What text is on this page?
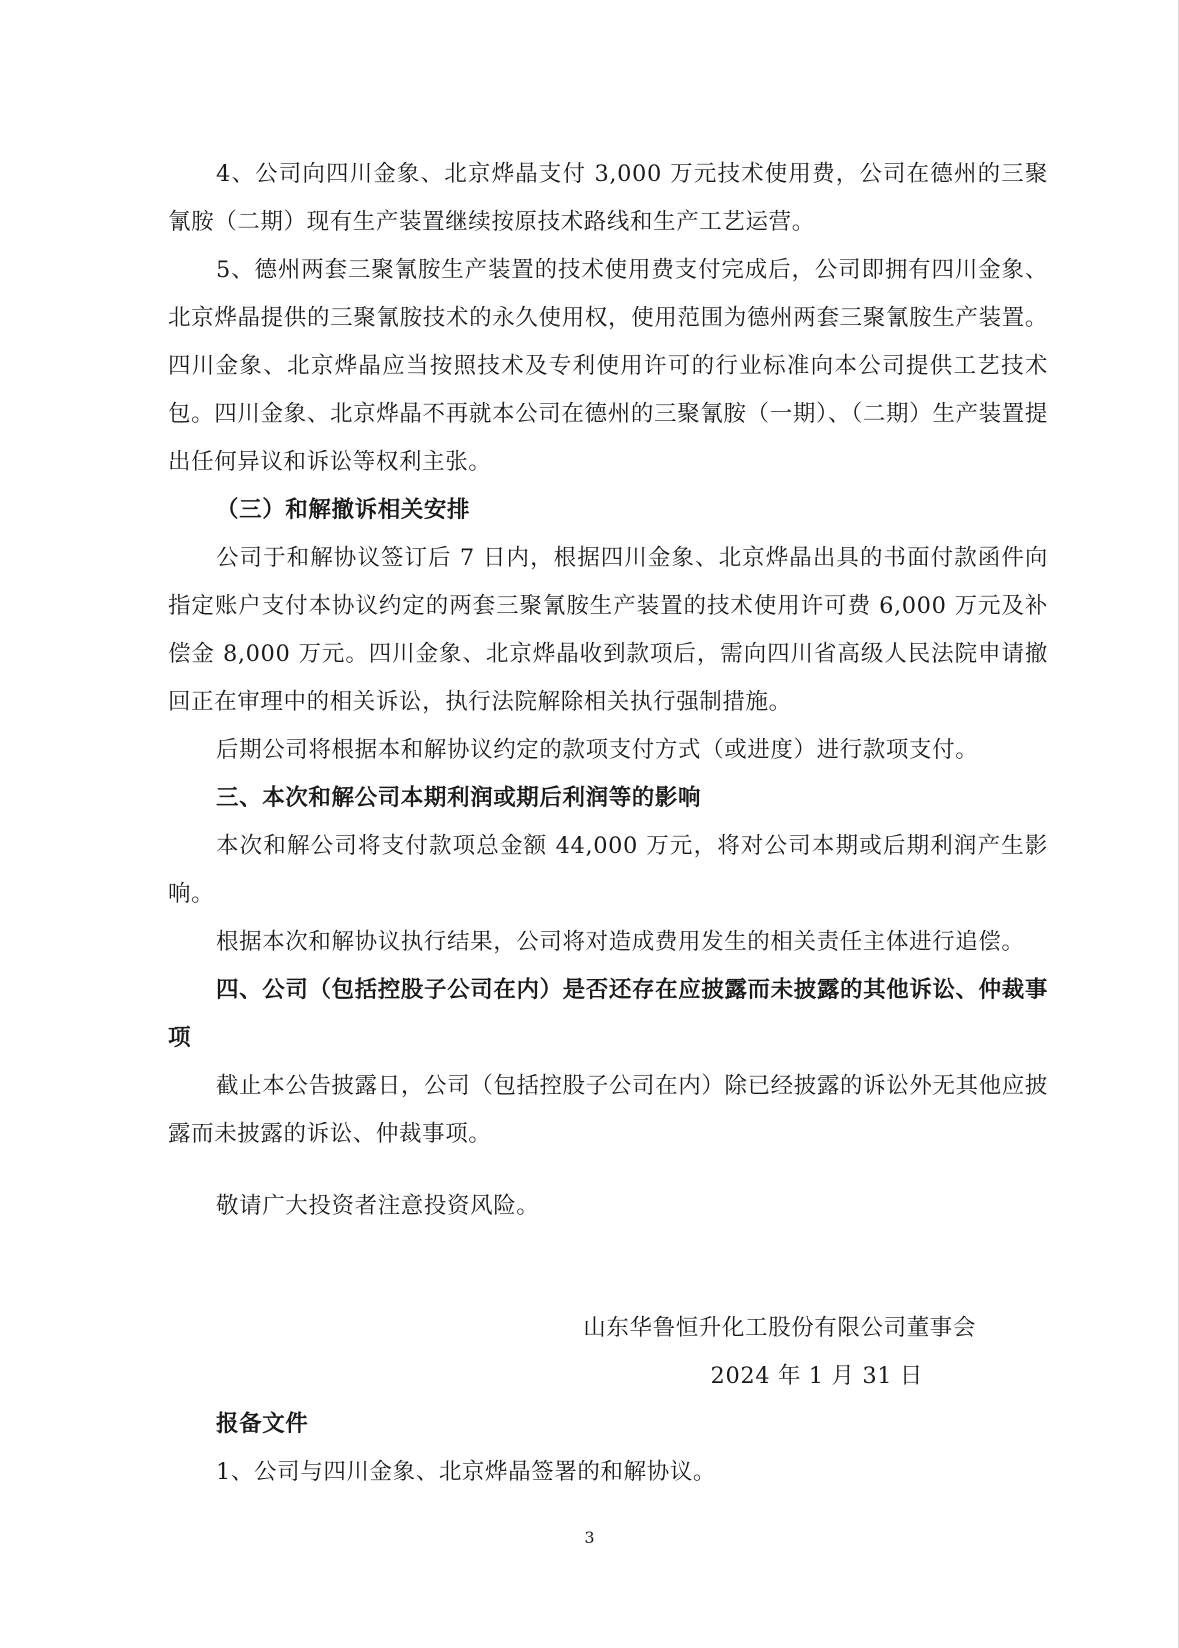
4、公司向四川金象、北京烨晶支付 3,000 万元技术使用费，公司在德州的三聚氰胺（二期）现有生产装置继续按原技术路线和生产工艺运营。

5、德州两套三聚氰胺生产装置的技术使用费支付完成后，公司即拥有四川金象、北京烨晶提供的三聚氰胺技术的永久使用权，使用范围为德州两套三聚氰胺生产装置。四川金象、北京烨晶应当按照技术及专利使用许可的行业标准向本公司提供工艺技术包。四川金象、北京烨晶不再就本公司在德州的三聚氰胺（一期）、（二期）生产装置提出任何异议和诉讼等权利主张。

（三）和解撤诉相关安排

公司于和解协议签订后 7 日内，根据四川金象、北京烨晶出具的书面付款函件向指定账户支付本协议约定的两套三聚氰胺生产装置的技术使用许可费 6,000 万元及补偿金 8,000 万元。四川金象、北京烨晶收到款项后，需向四川省高级人民法院申请撤回正在审理中的相关诉讼，执行法院解除相关执行强制措施。

后期公司将根据本和解协议约定的款项支付方式（或进度）进行款项支付。

三、本次和解公司本期利润或期后利润等的影响

本次和解公司将支付款项总金额 44,000 万元，将对公司本期或后期利润产生影响。

根据本次和解协议执行结果，公司将对造成费用发生的相关责任主体进行追偿。

四、公司（包括控股子公司在内）是否还存在应披露而未披露的其他诉讼、仲裁事项

截止本公告披露日，公司（包括控股子公司在内）除已经披露的诉讼外无其他应披露而未披露的诉讼、仲裁事项。

敬请广大投资者注意投资风险。

山东华鲁恒升化工股份有限公司董事会
2024 年 1 月 31 日

报备文件

1、公司与四川金象、北京烨晶签署的和解协议。

3
